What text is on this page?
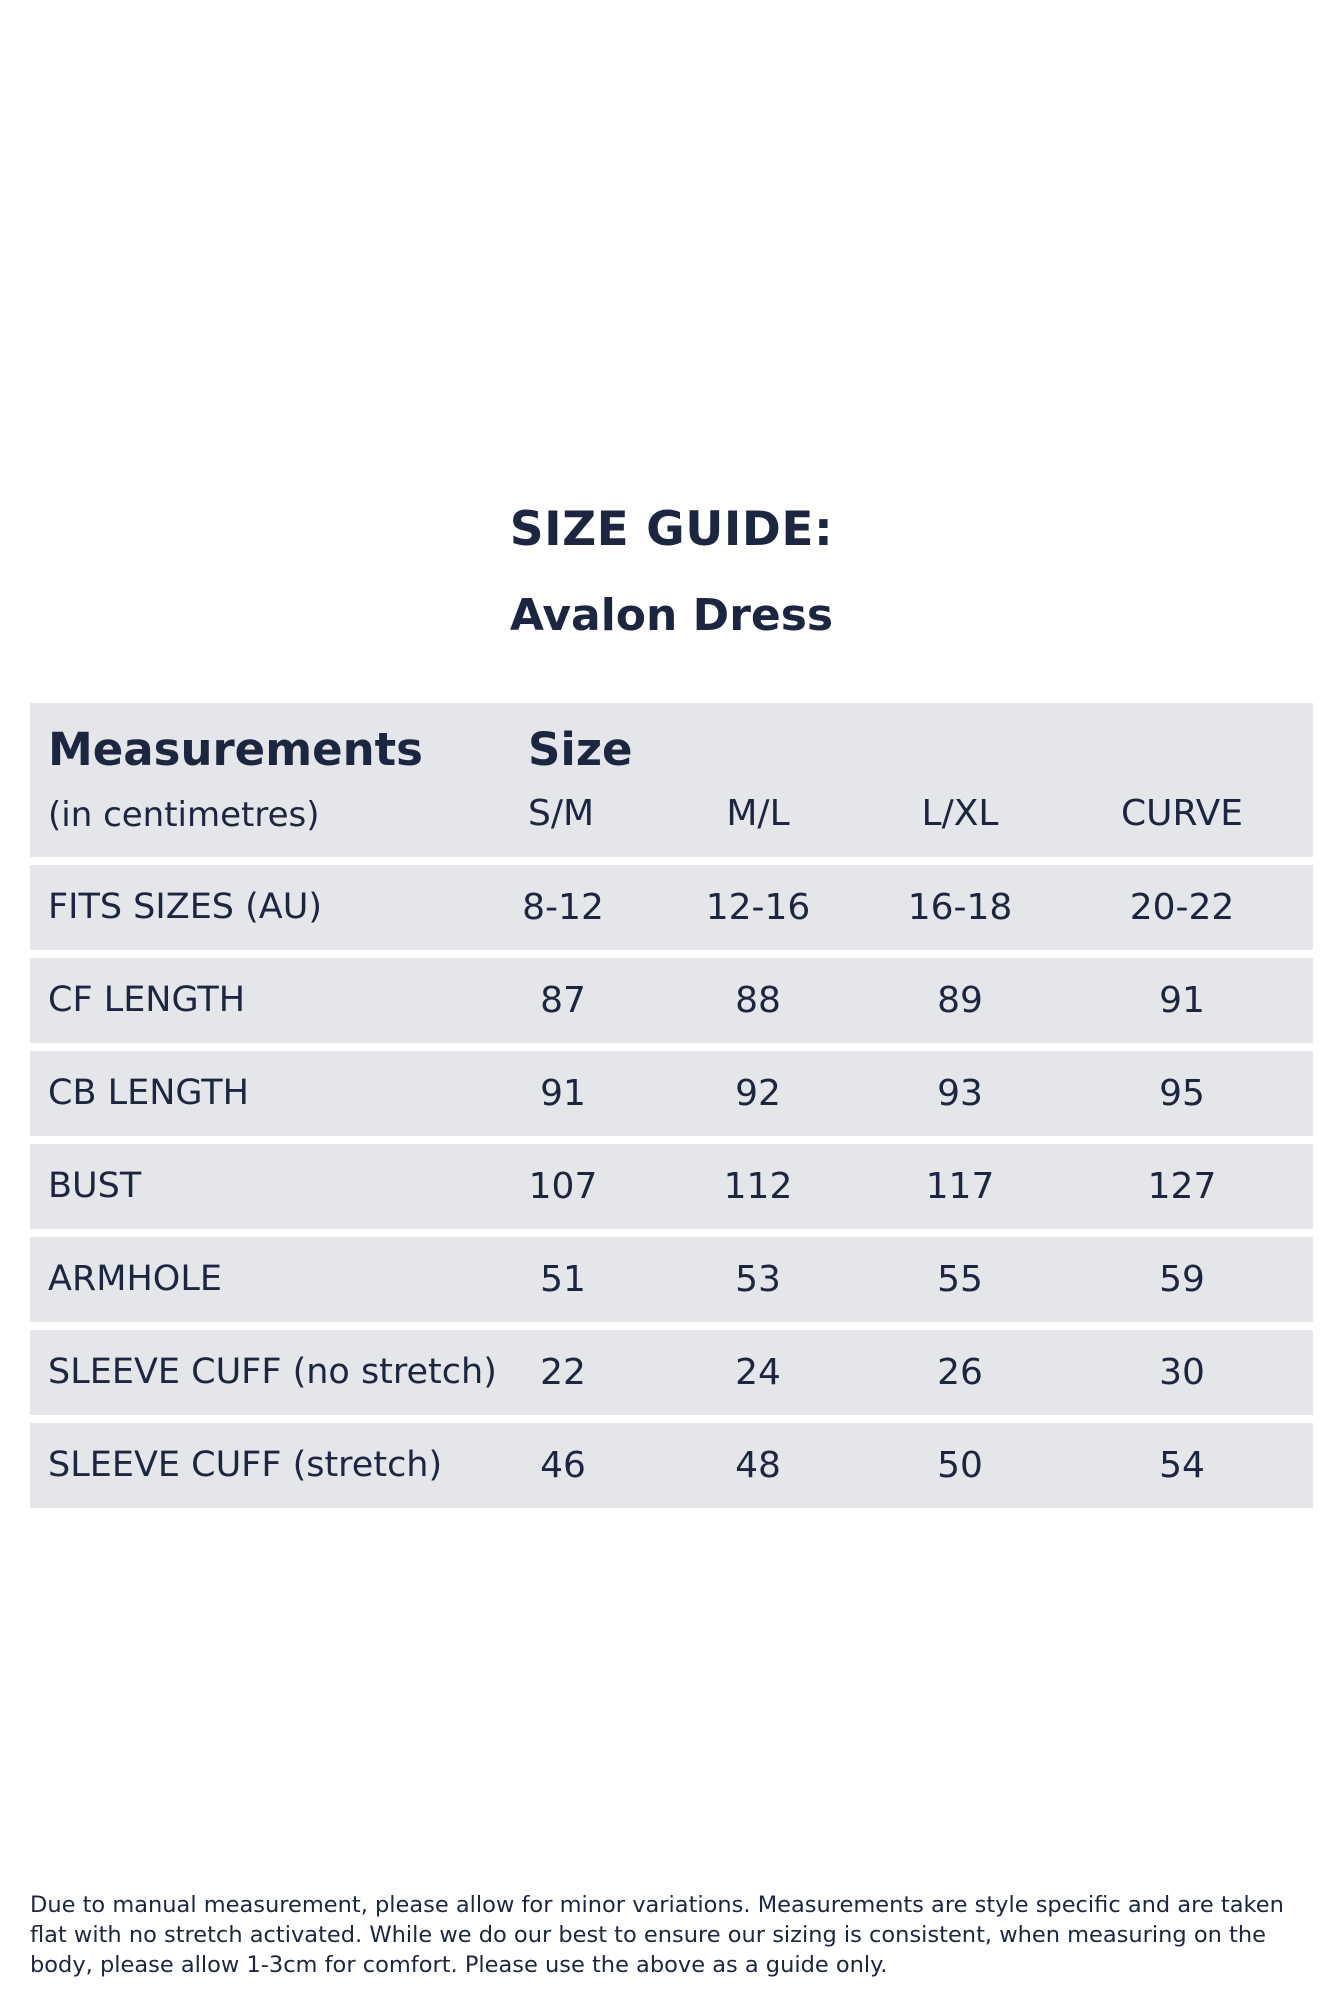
SIZE GUIDE:
Avalon Dress
Measurements
(in centimetres)
Size
S/M	M/L	L/XL	CURVE
FITS SIZES (AU)	8-12	12-16	16-18	20-22
CF LENGTH	87	88	89	91
CB LENGTH	91	92	93	95
BUST	107	112	117	127
ARMHOLE	51	53	55	59
SLEEVE CUFF (no stretch)	22	24	26	30
SLEEVE CUFF (stretch)	46	48	50	54

Due to manual measurement, please allow for minor variations. Measurements are style specific and are taken flat with no stretch activated. While we do our best to ensure our sizing is consistent, when measuring on the body, please allow 1-3cm for comfort. Please use the above as a guide only.
